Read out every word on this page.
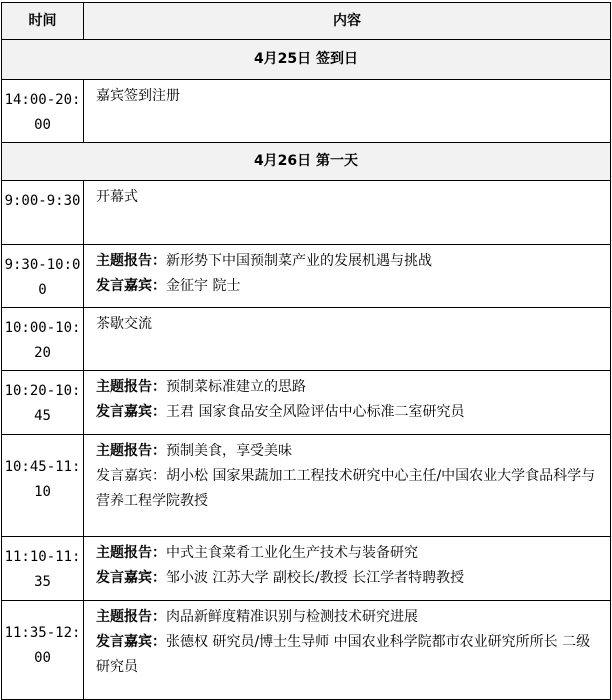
时间	内容
4月25日 签到日	
14:00-20:00	嘉宾签到注册
4月26日 第一天	
9:00-9:30	开幕式
9:30-10:00	主题报告：新形势下中国预制菜产业的发展机遇与挑战
发言嘉宾：金征宇 院士

10:00-10:20	茶歇交流
10:20-10:45	主题报告：预制菜标准建立的思路
发言嘉宾：王君 国家食品安全风险评估中心标准二室研究员

10:45-11:10	主题报告：预制美食，享受美味
发言嘉宾：胡小松 国家果蔬加工工程技术研究中心主任/中国农业大学食品科学与营养工程学院教授

11:10-11:35	主题报告：中式主食菜肴工业化生产技术与装备研究
发言嘉宾：邹小波 江苏大学 副校长/教授 长江学者特聘教授

11:35-12:00	主题报告：肉品新鲜度精准识别与检测技术研究进展
发言嘉宾：张德权 研究员/博士生导师 中国农业科学院都市农业研究所所长 二级研究员
